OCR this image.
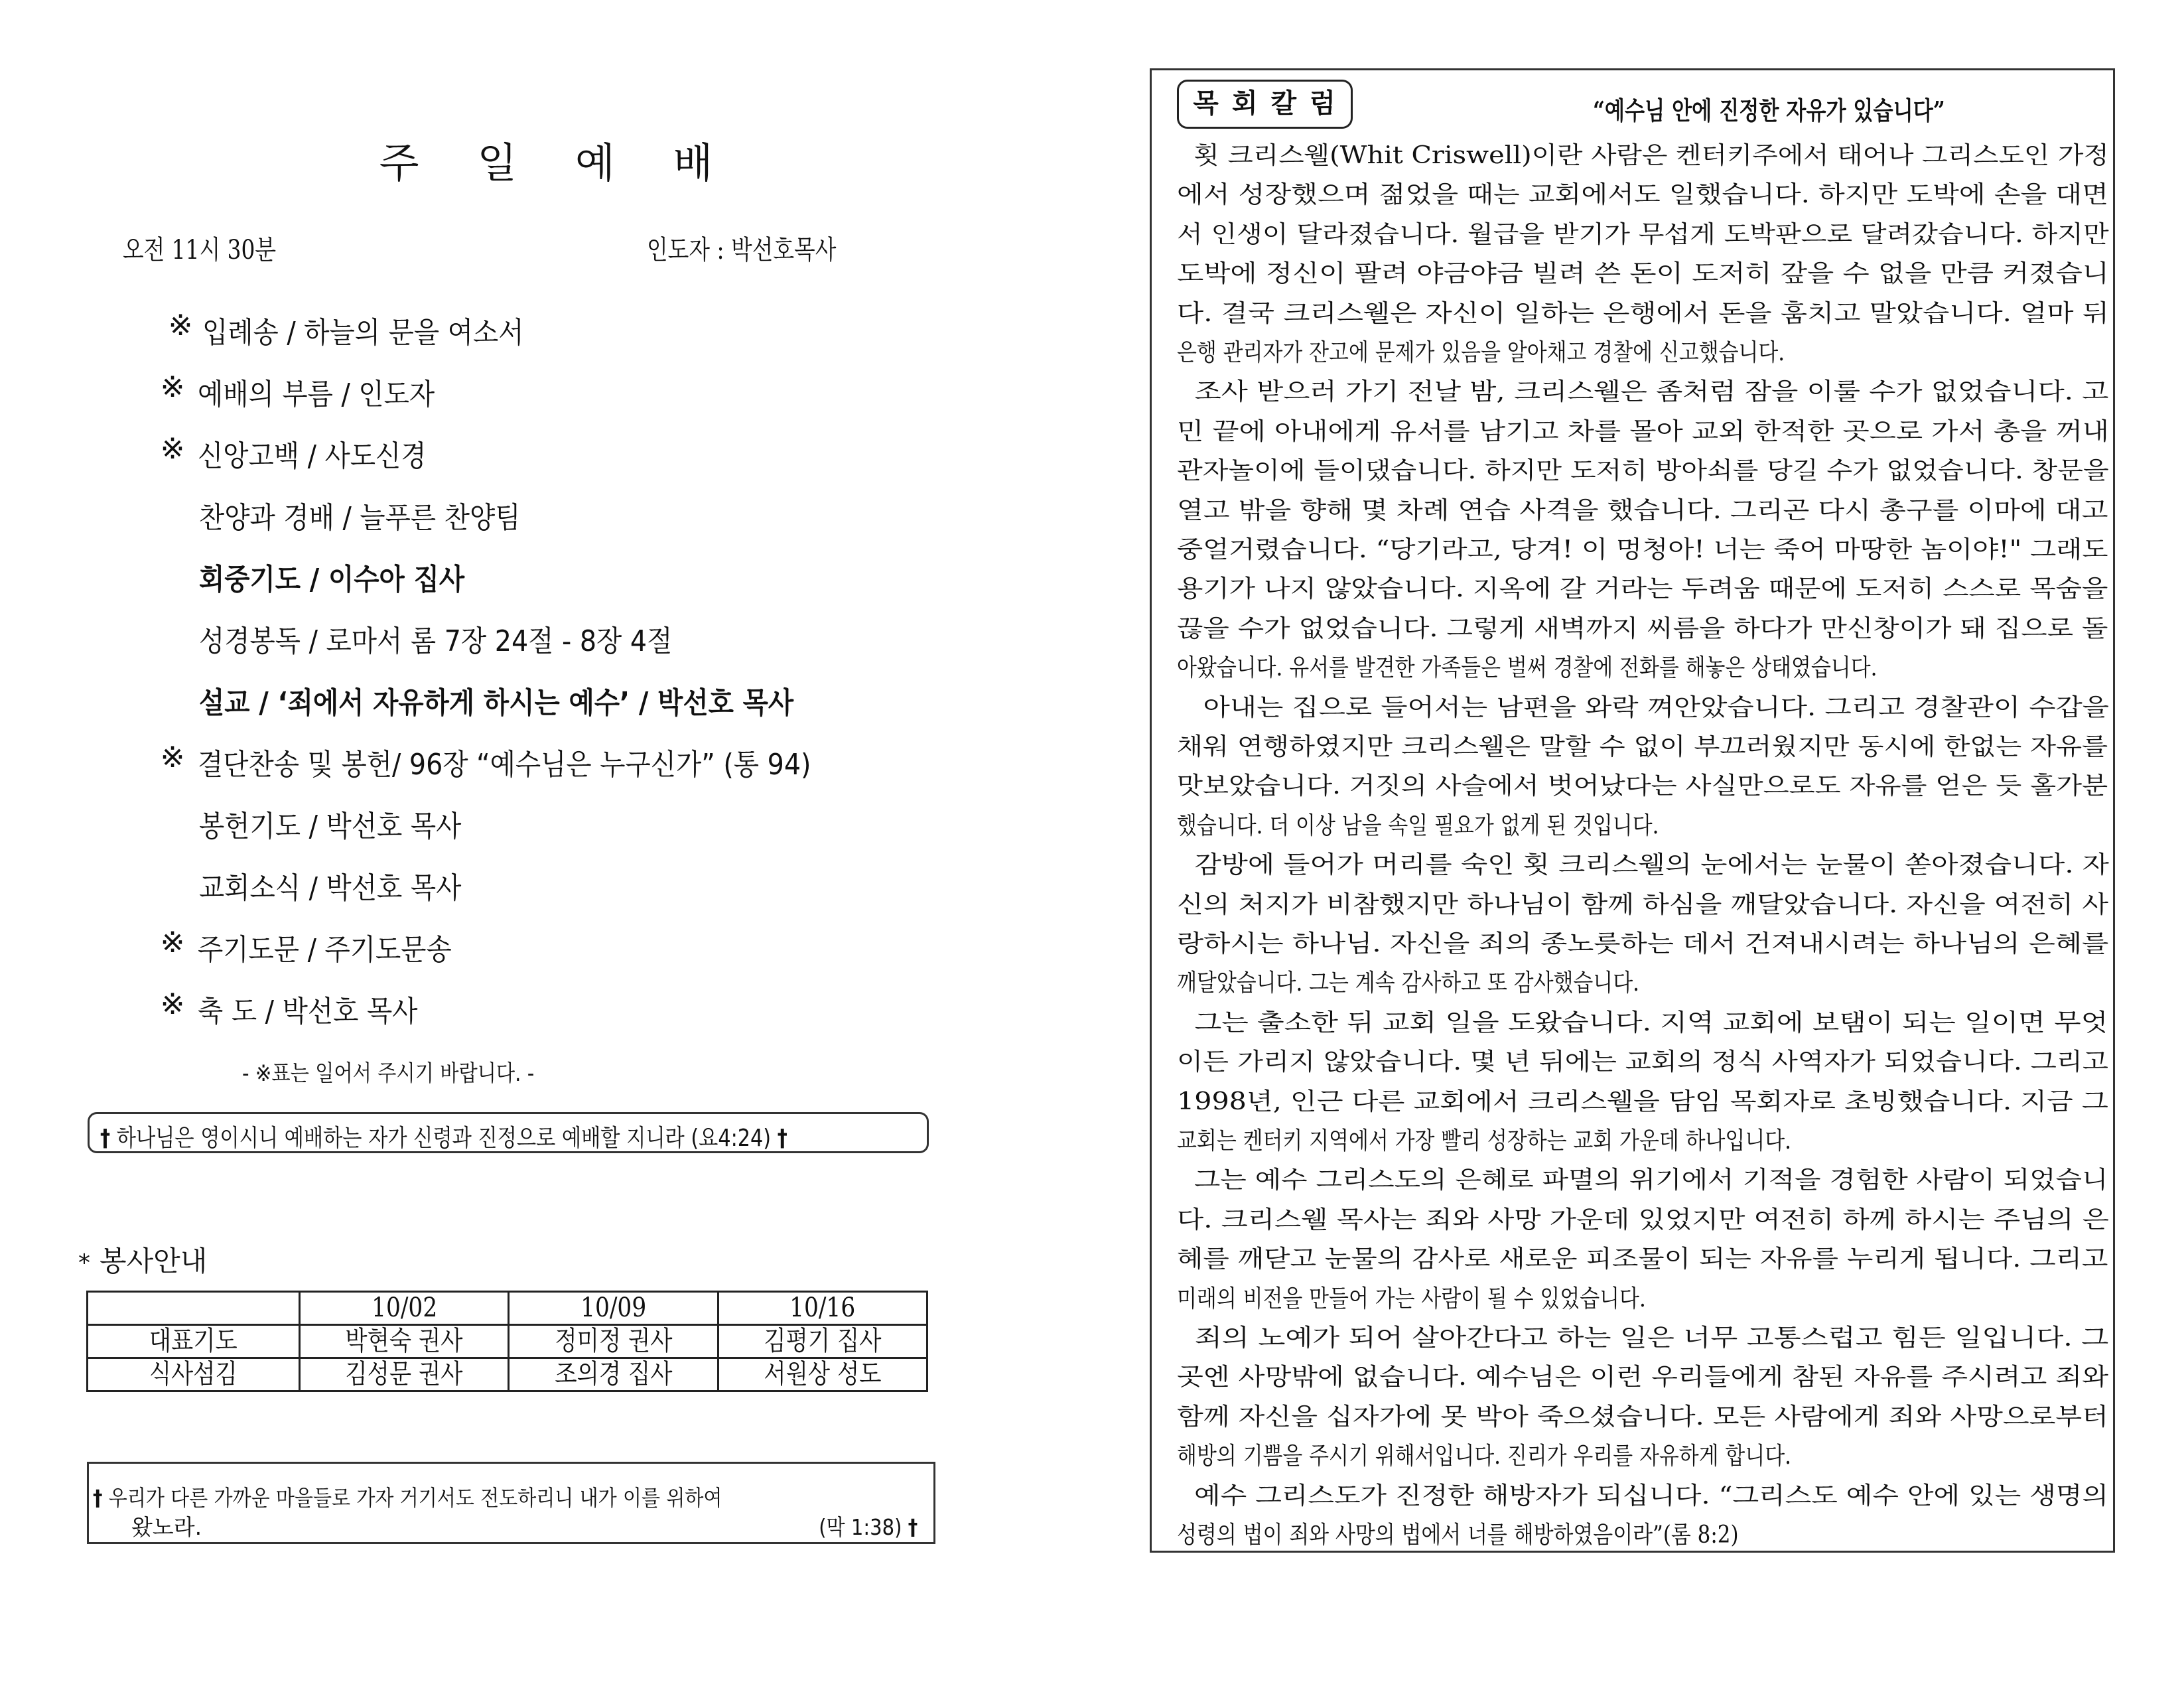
주 일 예 배
오전 11시 30분	인도자 : 박선호목사
※ 입례송 / 하늘의 문을 여소서
※ 예배의 부름 / 인도자
※ 신앙고백 / 사도신경
찬양과 경배 / 늘푸른 찬양팀
회중기도 / 이수아 집사
성경봉독 / 로마서 롬 7장 24절 - 8장 4절
설교 / ‘죄에서 자유하게 하시는 예수’ / 박선호 목사
※ 결단찬송 및 봉헌/ 96장 “예수님은 누구신가” (통 94)
봉헌기도 / 박선호 목사
교회소식 / 박선호 목사
※ 주기도문 / 주기도문송
※ 축 도 / 박선호 목사
- ※표는 일어서 주시기 바랍니다. -
† 하나님은 영이시니 예배하는 자가 신령과 진정으로 예배할 지니라 (요4:24) †
* 봉사안내
	10/02	10/09	10/16
대표기도	박현숙 권사	정미정 권사	김평기 집사
식사섬김	김성문 권사	조의경 집사	서원상 성도
† 우리가 다른 가까운 마을들로 가자 거기서도 전도하리니 내가 이를 위하여
왔노라.	(막 1:38) †
목회칼럼	“예수님 안에 진정한 자유가 있습니다”
횟 크리스웰(Whit Criswell)이란 사람은 켄터키주에서 태어나 그리스도인 가정
에서 성장했으며 젊었을 때는 교회에서도 일했습니다. 하지만 도박에 손을 대면
서 인생이 달라졌습니다. 월급을 받기가 무섭게 도박판으로 달려갔습니다. 하지만
도박에 정신이 팔려 야금야금 빌려 쓴 돈이 도저히 갚을 수 없을 만큼 커졌습니
다. 결국 크리스웰은 자신이 일하는 은행에서 돈을 훔치고 말았습니다. 얼마 뒤
은행 관리자가 잔고에 문제가 있음을 알아채고 경찰에 신고했습니다.
조사 받으러 가기 전날 밤, 크리스웰은 좀처럼 잠을 이룰 수가 없었습니다. 고
민 끝에 아내에게 유서를 남기고 차를 몰아 교외 한적한 곳으로 가서 총을 꺼내
관자놀이에 들이댔습니다. 하지만 도저히 방아쇠를 당길 수가 없었습니다. 창문을
열고 밖을 향해 몇 차례 연습 사격을 했습니다. 그리곤 다시 총구를 이마에 대고
중얼거렸습니다. “당기라고, 당겨! 이 멍청아! 너는 죽어 마땅한 놈이야!" 그래도
용기가 나지 않았습니다. 지옥에 갈 거라는 두려움 때문에 도저히 스스로 목숨을
끊을 수가 없었습니다. 그렇게 새벽까지 씨름을 하다가 만신창이가 돼 집으로 돌
아왔습니다. 유서를 발견한 가족들은 벌써 경찰에 전화를 해놓은 상태였습니다.
아내는 집으로 들어서는 남편을 와락 껴안았습니다. 그리고 경찰관이 수갑을
채워 연행하였지만 크리스웰은 말할 수 없이 부끄러웠지만 동시에 한없는 자유를
맛보았습니다. 거짓의 사슬에서 벗어났다는 사실만으로도 자유를 얻은 듯 홀가분
했습니다. 더 이상 남을 속일 필요가 없게 된 것입니다.
감방에 들어가 머리를 숙인 횟 크리스웰의 눈에서는 눈물이 쏟아졌습니다. 자
신의 처지가 비참했지만 하나님이 함께 하심을 깨달았습니다. 자신을 여전히 사
랑하시는 하나님. 자신을 죄의 종노릇하는 데서 건져내시려는 하나님의 은혜를
깨달았습니다. 그는 계속 감사하고 또 감사했습니다.
그는 출소한 뒤 교회 일을 도왔습니다. 지역 교회에 보탬이 되는 일이면 무엇
이든 가리지 않았습니다. 몇 년 뒤에는 교회의 정식 사역자가 되었습니다. 그리고
1998년, 인근 다른 교회에서 크리스웰을 담임 목회자로 초빙했습니다. 지금 그
교회는 켄터키 지역에서 가장 빨리 성장하는 교회 가운데 하나입니다.
그는 예수 그리스도의 은혜로 파멸의 위기에서 기적을 경험한 사람이 되었습니
다. 크리스웰 목사는 죄와 사망 가운데 있었지만 여전히 하께 하시는 주님의 은
혜를 깨닫고 눈물의 감사로 새로운 피조물이 되는 자유를 누리게 됩니다. 그리고
미래의 비전을 만들어 가는 사람이 될 수 있었습니다.
죄의 노예가 되어 살아간다고 하는 일은 너무 고통스럽고 힘든 일입니다. 그
곳엔 사망밖에 없습니다. 예수님은 이런 우리들에게 참된 자유를 주시려고 죄와
함께 자신을 십자가에 못 박아 죽으셨습니다. 모든 사람에게 죄와 사망으로부터
해방의 기쁨을 주시기 위해서입니다. 진리가 우리를 자유하게 합니다.
예수 그리스도가 진정한 해방자가 되십니다. “그리스도 예수 안에 있는 생명의
성령의 법이 죄와 사망의 법에서 너를 해방하였음이라”(롬 8:2)
